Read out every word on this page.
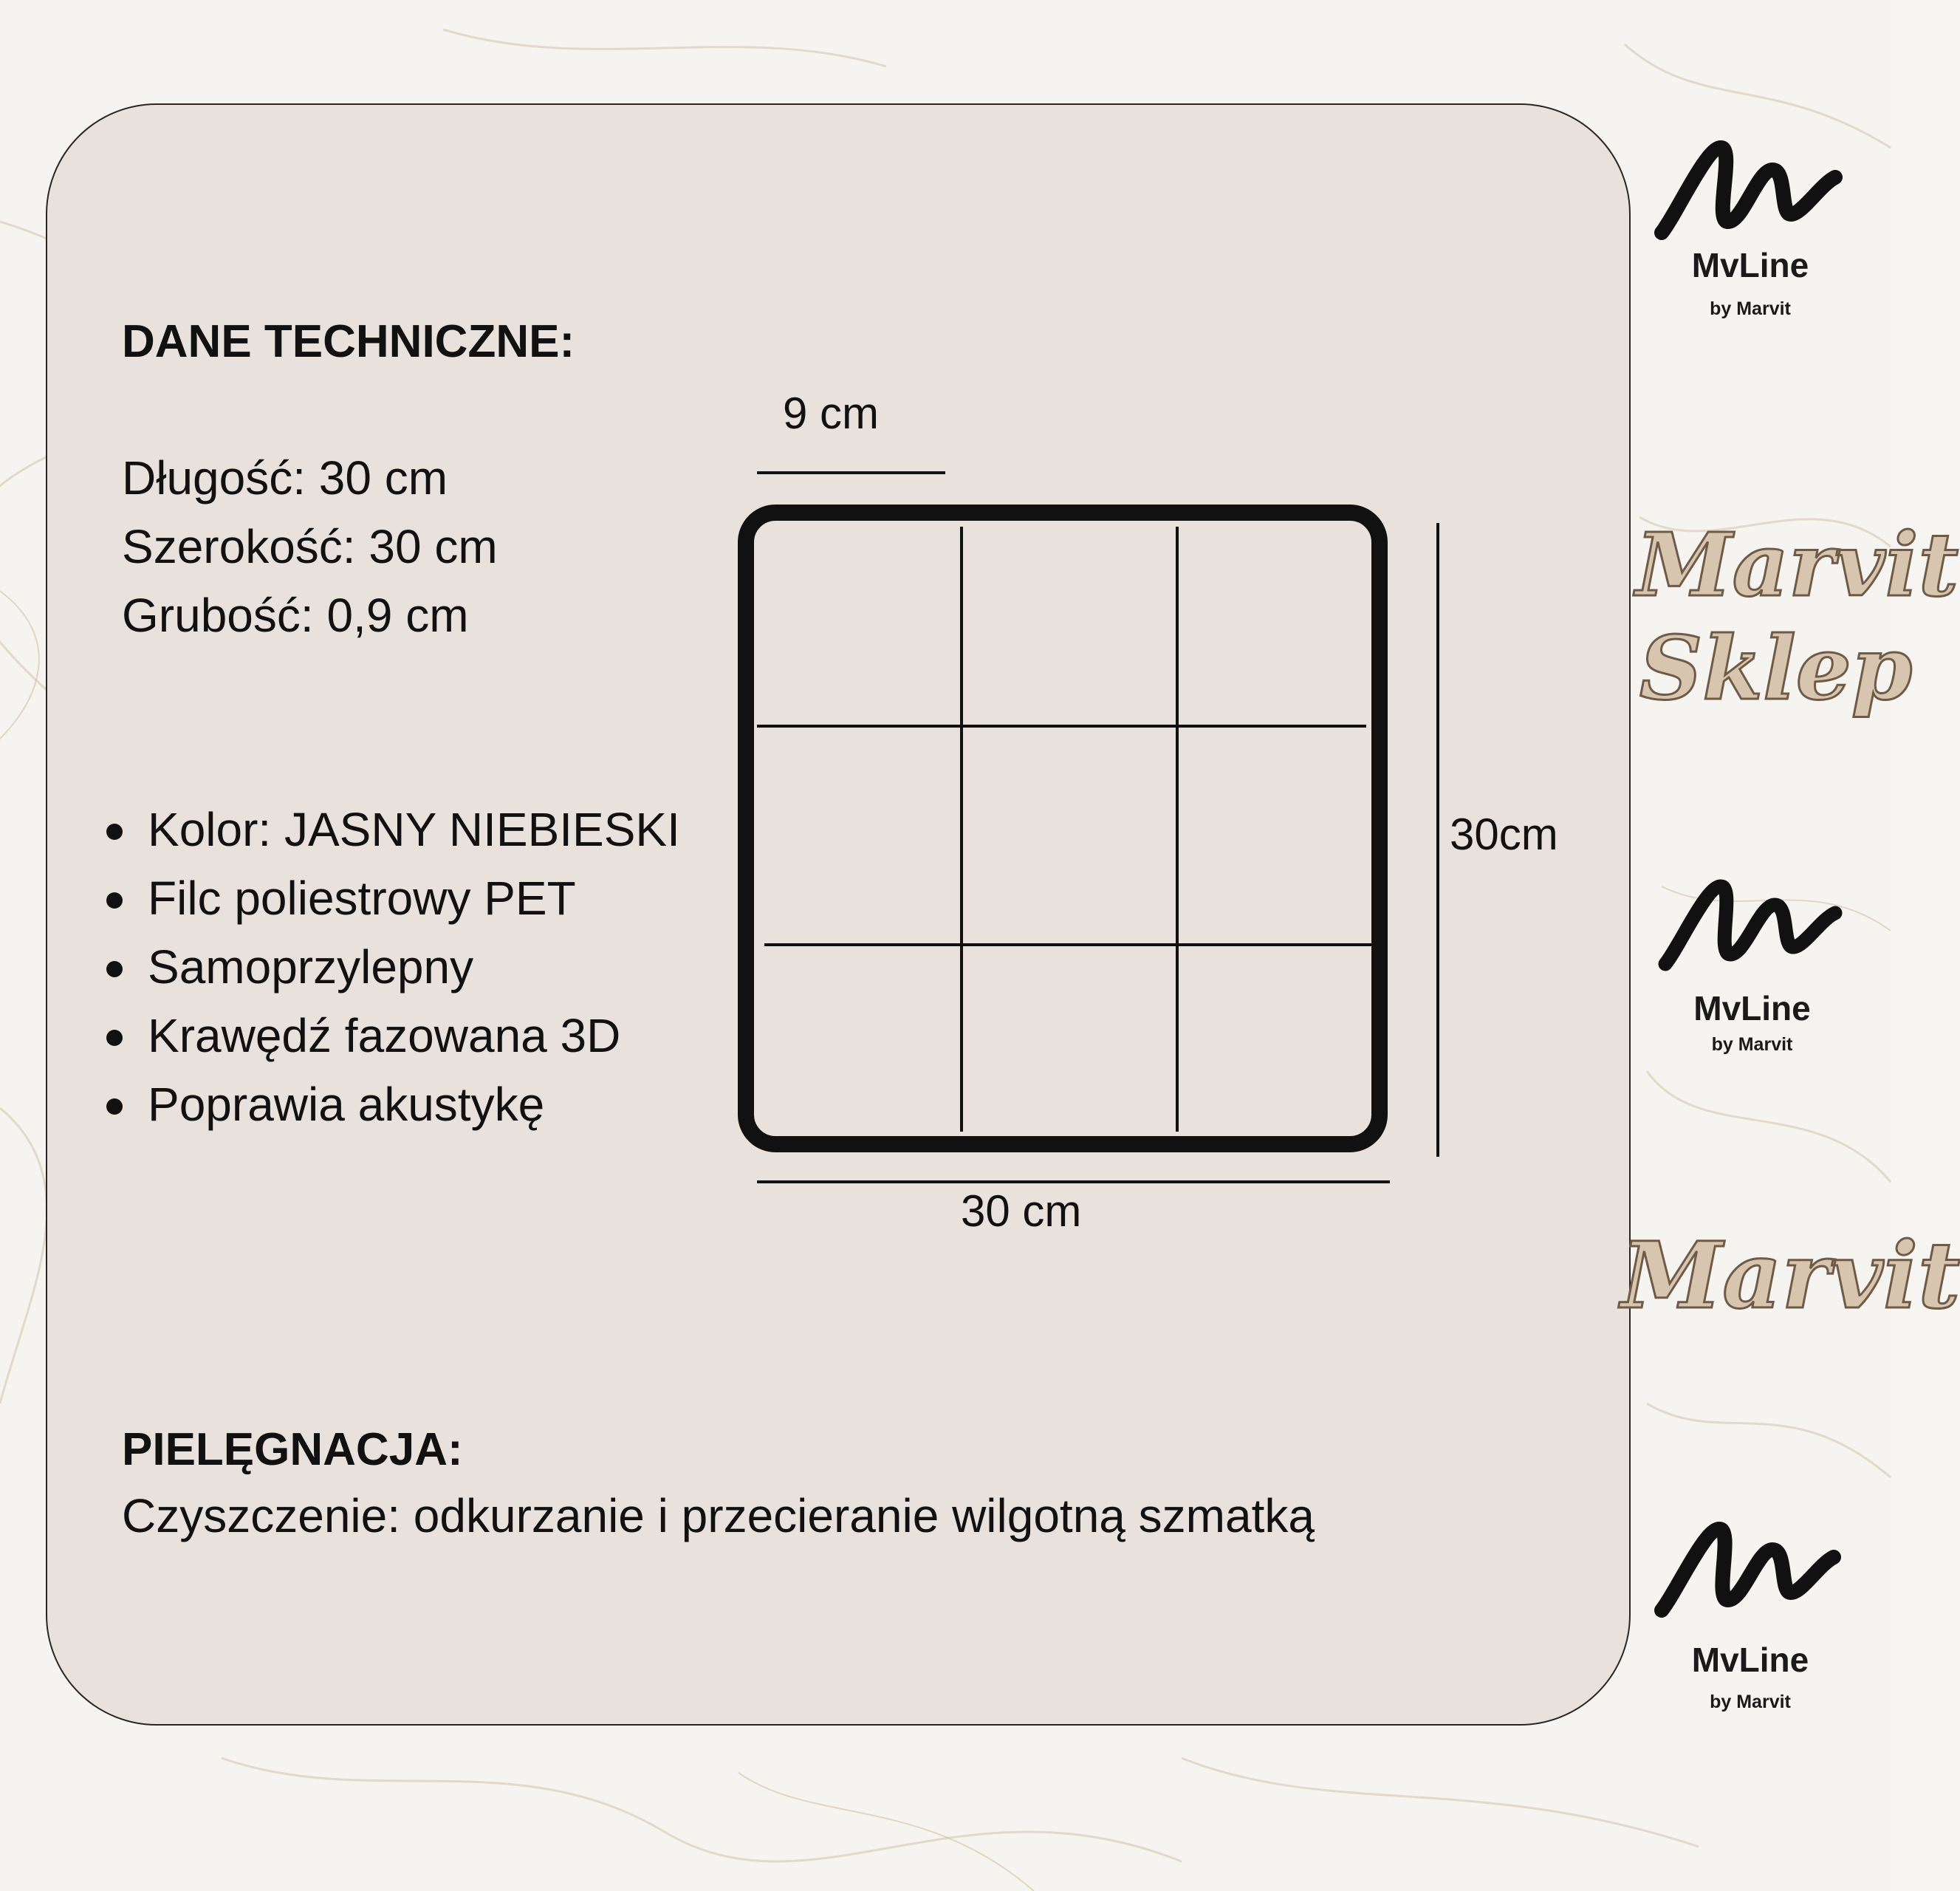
DANE TECHNICZNE:
Długość: 30 cm
Szerokość: 30 cm
Grubość: 0,9 cm
Kolor: JASNY NIEBIESKI
Filc poliestrowy PET
Samoprzylepny
Krawędź fazowana 3D
Poprawia akustykę
9 cm
30cm
30 cm
PIELĘGNACJA:
Czyszczenie: odkurzanie i przecieranie wilgotną szmatką
MvLine
by Marvit
Marvit
Sklep
MvLine
by Marvit
Marvit
MvLine
by Marvit
